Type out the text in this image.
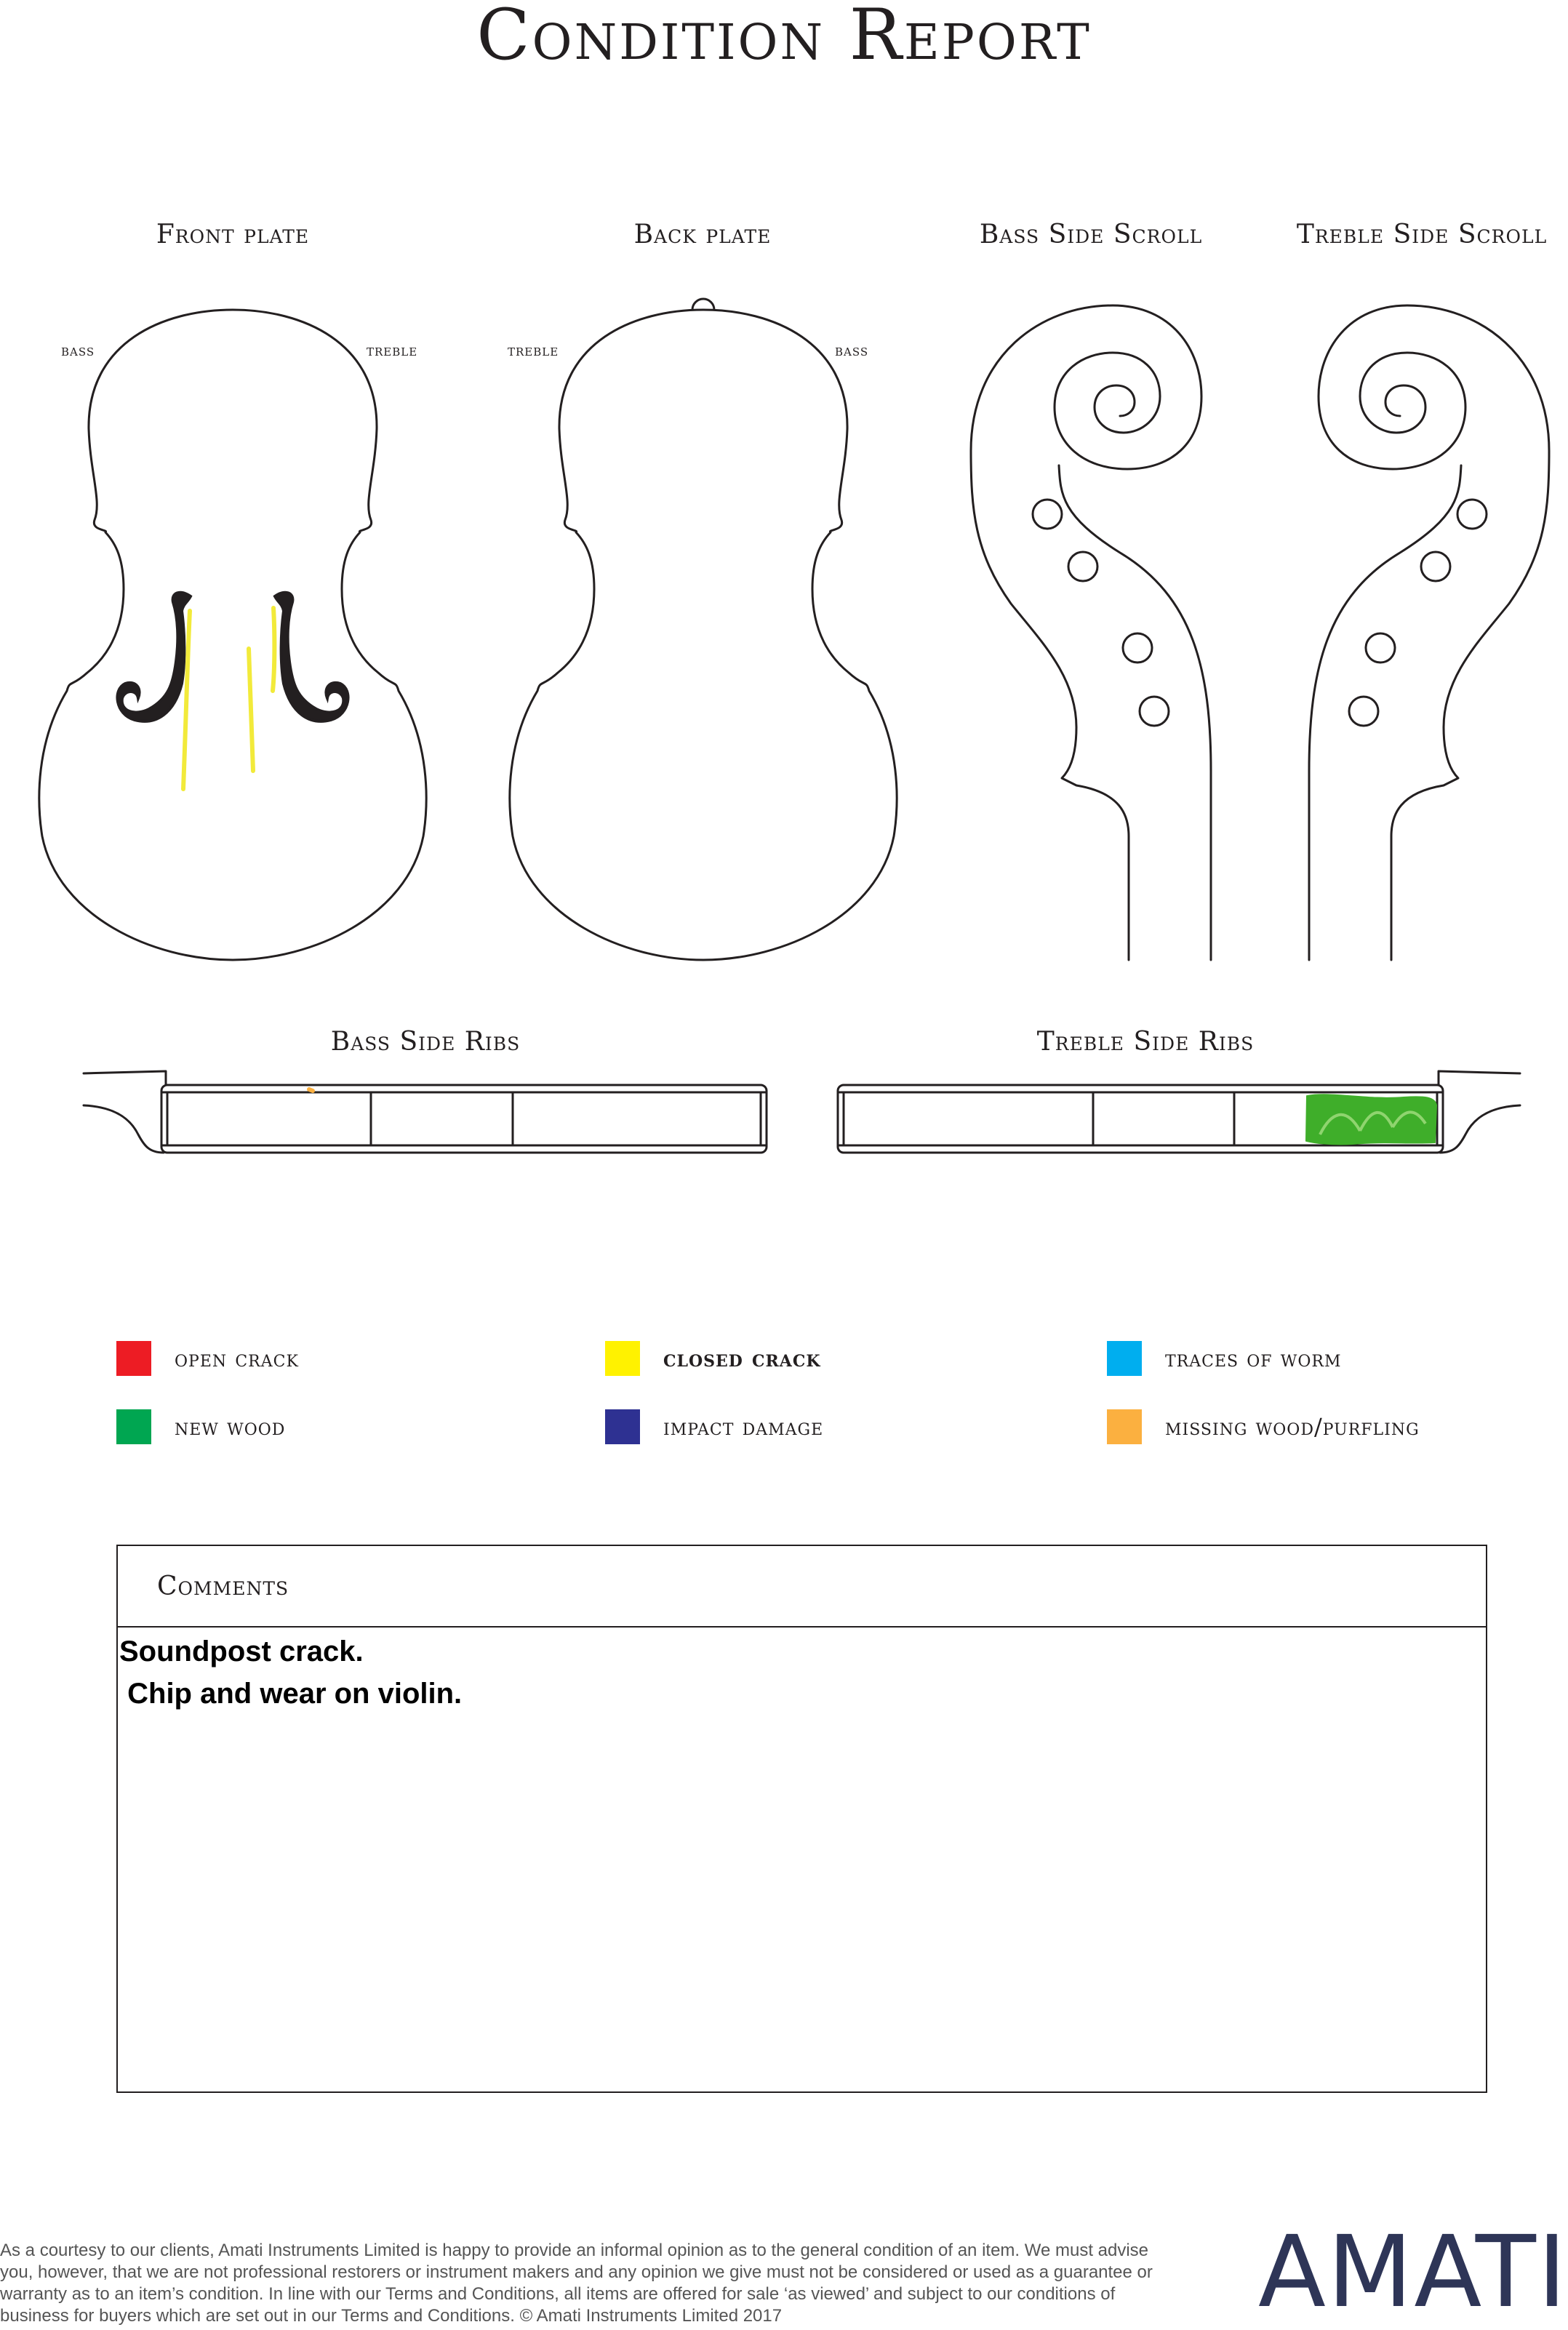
Condition Report
Front plate	Back plate	Bass Side Scroll	Treble Side Scroll
Bass Side Ribs	Treble Side Ribs
bass	treble	treble	bass
open crack	closed crack	traces of worm
new wood	impact damage	missing wood/purfling
Comments
Soundpost crack.
Chip and wear on violin.
As a courtesy to our clients, Amati Instruments Limited is happy to provide an informal opinion as to the general condition of an item. We must advise you, however, that we are not professional restorers or instrument makers and any opinion we give must not be considered or used as a guarantee or warranty as to an item’s condition. In line with our Terms and Conditions, all items are offered for sale ‘as viewed’ and subject to our conditions of business for buyers which are set out in our Terms and Conditions. © Amati Instruments Limited 2017	AMATI
